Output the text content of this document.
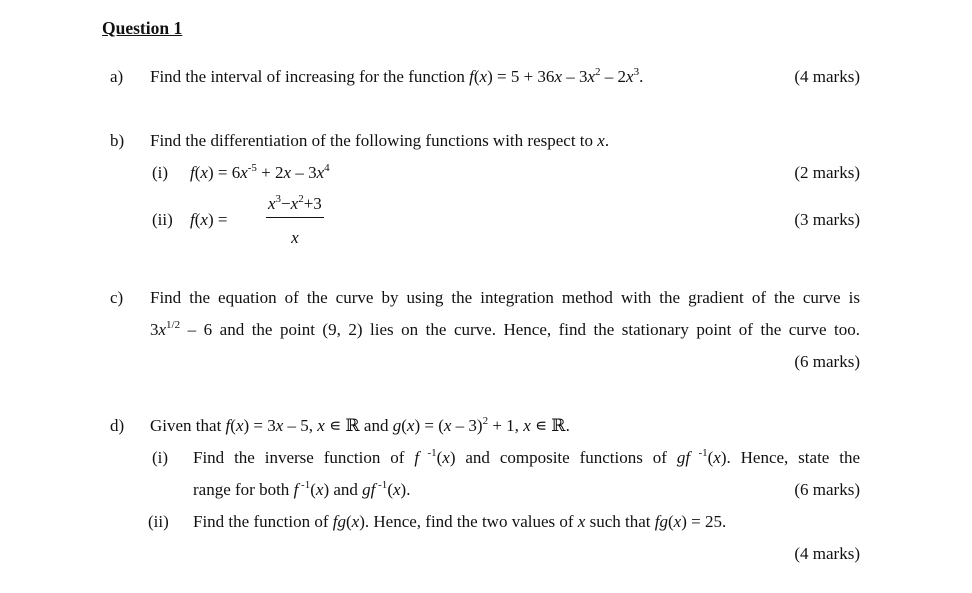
Question 1
a) Find the interval of increasing for the function $f(x) = 5 + 36x - 3x^2 - 2x^3$.	(4 marks)
b) Find the differentiation of the following functions with respect to x.
(i) $f(x) = 6x^{-5} + 2x - 3x^4$	(2 marks)
(ii) $f(x) = \frac{x^3-x^2+3}{x}$	(3 marks)
c) Find the equation of the curve by using the integration method with the gradient of the curve is
$3x^{1/2} - 6$ and the point (9, 2) lies on the curve. Hence, find the stationary point of the curve too.
(6 marks)
d) Given that f(x) = 3x – 5, x ∊ ℝ and g(x) = (x – 3)$^2$ + 1, x ∊ ℝ.
(i) Find the inverse function of f $^{-1}$(x) and composite functions of gf $^{-1}$(x). Hence, state the
range for both f $^{-1}$(x) and gf $^{-1}$(x).	(6 marks)
(ii) Find the function of fg(x). Hence, find the two values of x such that fg(x) = 25.
(4 marks)
